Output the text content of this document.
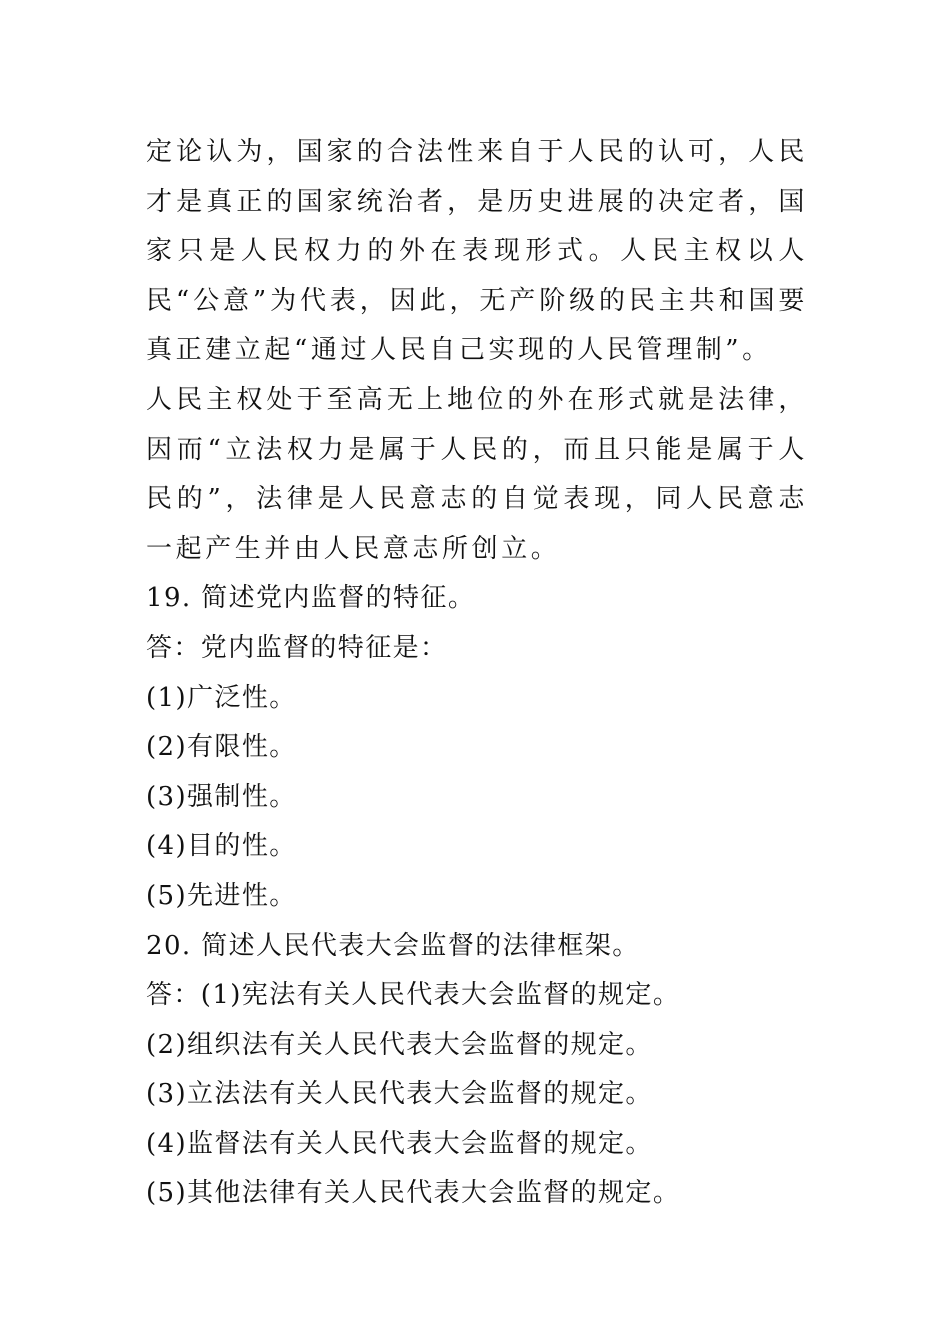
定论认为，国家的合法性来自于人民的认可，人民才是真正的国家统治者，是历史进展的决定者，国家只是人民权力的外在表现形式。人民主权以人民“公意”为代表，因此，无产阶级的民主共和国要真正建立起“通过人民自己实现的人民管理制”。

人民主权处于至高无上地位的外在形式就是法律，因而“立法权力是属于人民的，而且只能是属于人民的”，法律是人民意志的自觉表现，同人民意志一起产生并由人民意志所创立。

19. 简述党内监督的特征。

答：党内监督的特征是：

(1)广泛性。

(2)有限性。

(3)强制性。

(4)目的性。

(5)先进性。

20. 简述人民代表大会监督的法律框架。

答：(1)宪法有关人民代表大会监督的规定。

(2)组织法有关人民代表大会监督的规定。

(3)立法法有关人民代表大会监督的规定。

(4)监督法有关人民代表大会监督的规定。

(5)其他法律有关人民代表大会监督的规定。
